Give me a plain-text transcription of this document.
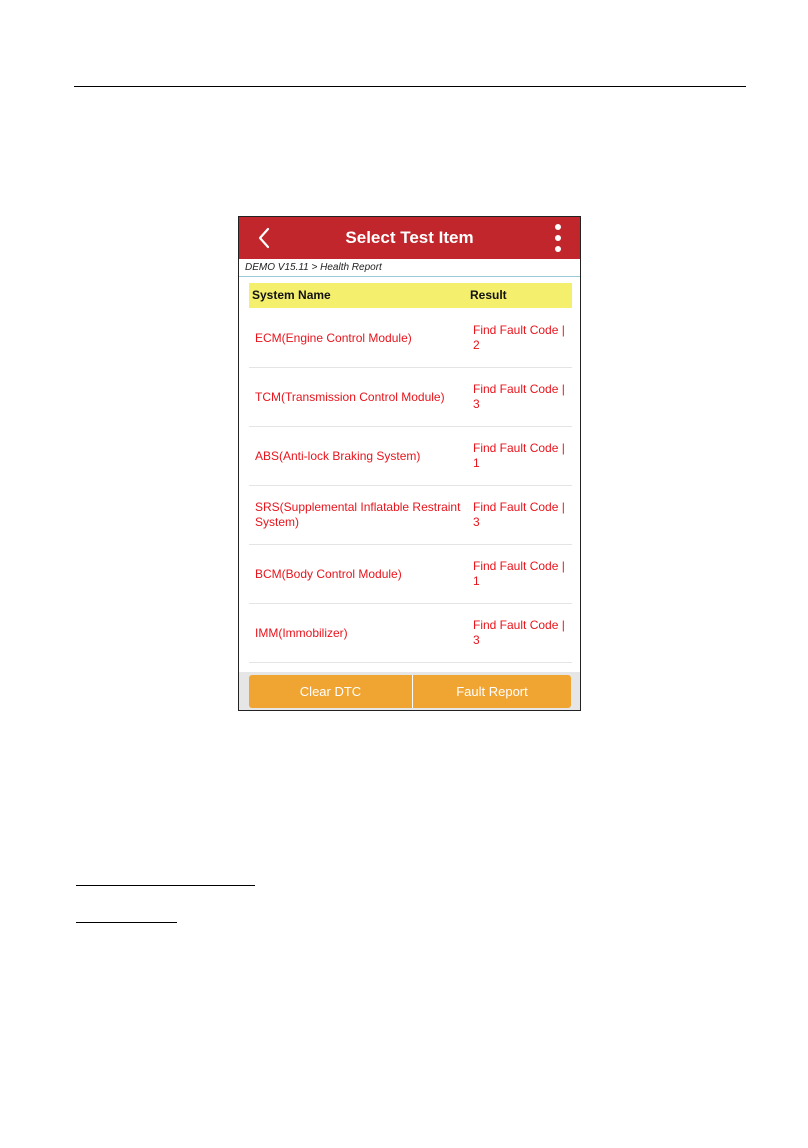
Select Test Item
DEMO V15.11 > Health Report
System Name	Result
ECM(Engine Control Module)
Find Fault Code |
2
TCM(Transmission Control Module)
Find Fault Code |
3
ABS(Anti-lock Braking System)
Find Fault Code |
1
SRS(Supplemental Inflatable Restraint System)
Find Fault Code |
3
BCM(Body Control Module)
Find Fault Code |
1
IMM(Immobilizer)
Find Fault Code |
3
Clear DTC	Fault Report
